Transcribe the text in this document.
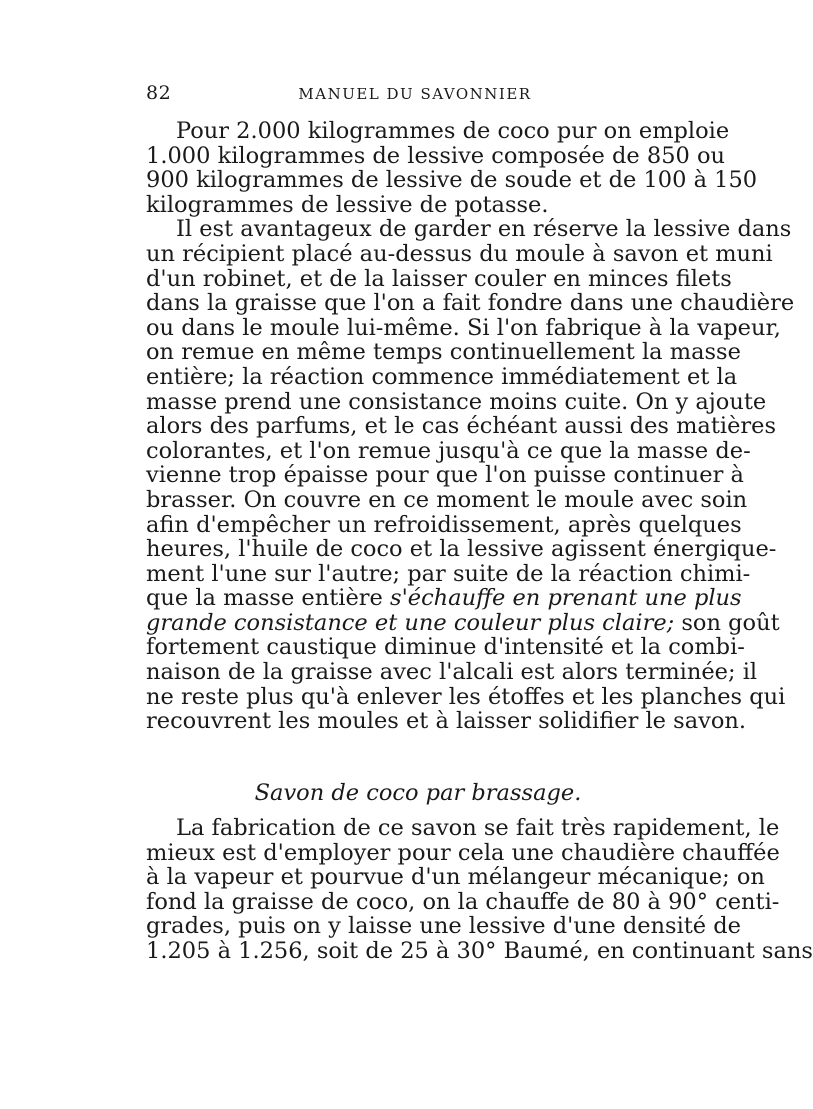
82	MANUEL DU SAVONNIER
Pour 2.000 kilogrammes de coco pur on emploie
1.000 kilogrammes de lessive composée de 850 ou
900 kilogrammes de lessive de soude et de 100 à 150
kilogrammes de lessive de potasse.
Il est avantageux de garder en réserve la lessive dans
un récipient placé au-dessus du moule à savon et muni
d'un robinet, et de la laisser couler en minces filets
dans la graisse que l'on a fait fondre dans une chaudière
ou dans le moule lui-même. Si l'on fabrique à la vapeur,
on remue en même temps continuellement la masse
entière; la réaction commence immédiatement et la
masse prend une consistance moins cuite. On y ajoute
alors des parfums, et le cas échéant aussi des matières
colorantes, et l'on remue jusqu'à ce que la masse de-
vienne trop épaisse pour que l'on puisse continuer à
brasser. On couvre en ce moment le moule avec soin
afin d'empêcher un refroidissement, après quelques
heures, l'huile de coco et la lessive agissent énergique-
ment l'une sur l'autre; par suite de la réaction chimi-
que la masse entière s'échauffe en prenant une plus
grande consistance et une couleur plus claire; son goût
fortement caustique diminue d'intensité et la combi-
naison de la graisse avec l'alcali est alors terminée; il
ne reste plus qu'à enlever les étoffes et les planches qui
recouvrent les moules et à laisser solidifier le savon.
Savon de coco par brassage.
La fabrication de ce savon se fait très rapidement, le
mieux est d'employer pour cela une chaudière chauffée
à la vapeur et pourvue d'un mélangeur mécanique; on
fond la graisse de coco, on la chauffe de 80 à 90° centi-
grades, puis on y laisse une lessive d'une densité de
1.205 à 1.256, soit de 25 à 30° Baumé, en continuant sans
